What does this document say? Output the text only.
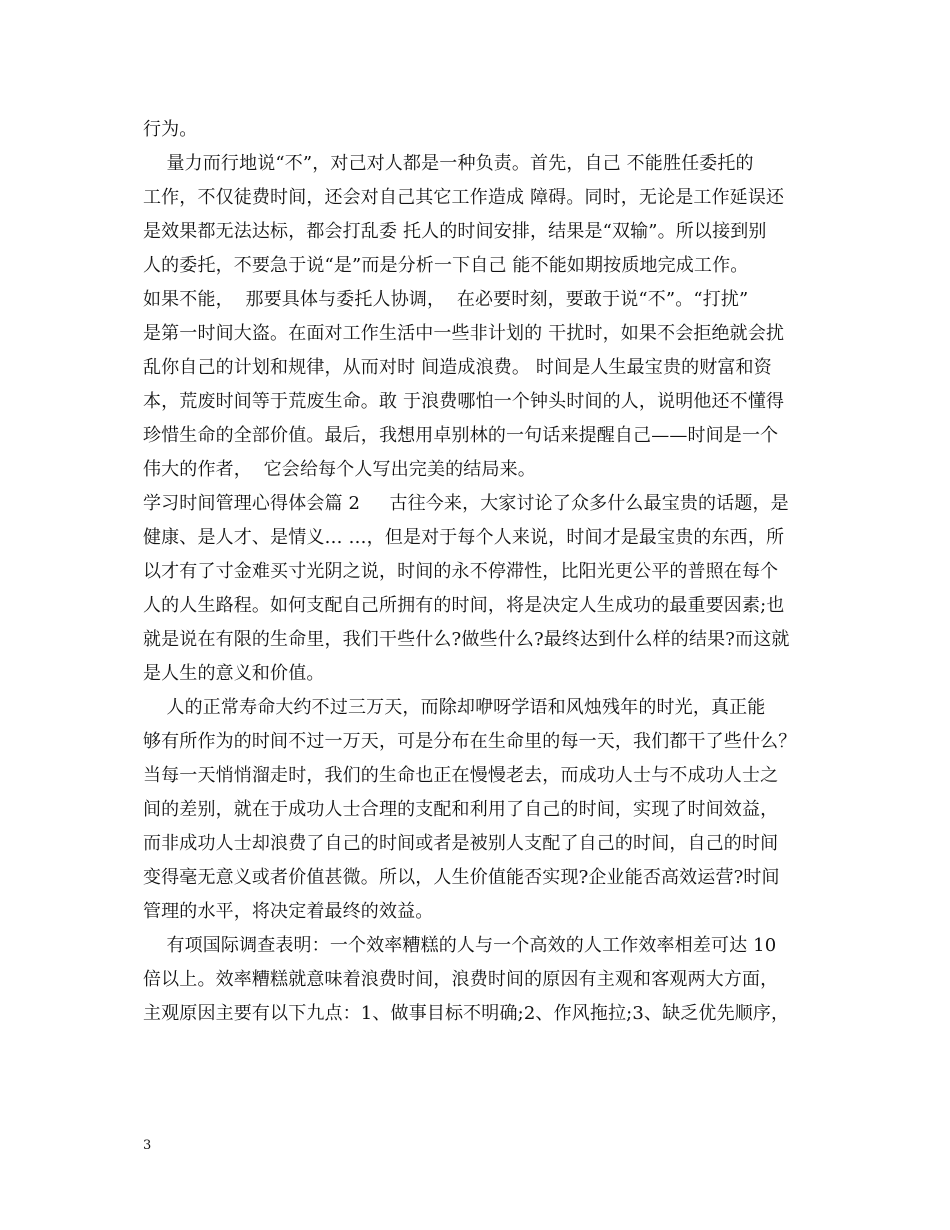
行为。
量力而行地说“不”，对己对人都是一种负责。首先，自己 不能胜任委托的
工作，不仅徒费时间，还会对自己其它工作造成 障碍。同时，无论是工作延误还
是效果都无法达标，都会打乱委 托人的时间安排，结果是“双输”。所以接到别
人的委托，不要急于说“是”而是分析一下自己 能不能如期按质地完成工作。
如果不能，  那要具体与委托人协调，  在必要时刻，要敢于说“不”。“打扰”
是第一时间大盗。在面对工作生活中一些非计划的 干扰时，如果不会拒绝就会扰
乱你自己的计划和规律，从而对时 间造成浪费。 时间是人生最宝贵的财富和资
本，荒废时间等于荒废生命。敢 于浪费哪怕一个钟头时间的人，说明他还不懂得
珍惜生命的全部价值。最后，我想用卓别林的一句话来提醒自己——时间是一个
伟大的作者，  它会给每个人写出完美的结局来。
学习时间管理心得体会篇 2     古往今来，大家讨论了众多什么最宝贵的话题，是
健康、是人才、是情义… …，但是对于每个人来说，时间才是最宝贵的东西，所
以才有了寸金难买寸光阴之说，时间的永不停滞性，比阳光更公平的普照在每个
人的人生路程。如何支配自己所拥有的时间，将是决定人生成功的最重要因素;也
就是说在有限的生命里，我们干些什么?做些什么?最终达到什么样的结果?而这就
是人生的意义和价值。
人的正常寿命大约不过三万天，而除却咿呀学语和风烛残年的时光，真正能
够有所作为的时间不过一万天，可是分布在生命里的每一天，我们都干了些什么？
当每一天悄悄溜走时，我们的生命也正在慢慢老去，而成功人士与不成功人士之
间的差别，就在于成功人士合理的支配和利用了自己的时间，实现了时间效益，
而非成功人士却浪费了自己的时间或者是被别人支配了自己的时间，自己的时间
变得毫无意义或者价值甚微。所以，人生价值能否实现?企业能否高效运营?时间
管理的水平，将决定着最终的效益。
有项国际调查表明：一个效率糟糕的人与一个高效的人工作效率相差可达 10
倍以上。效率糟糕就意味着浪费时间，浪费时间的原因有主观和客观两大方面，
主观原因主要有以下九点：1、做事目标不明确;2、作风拖拉;3、缺乏优先顺序，
3
